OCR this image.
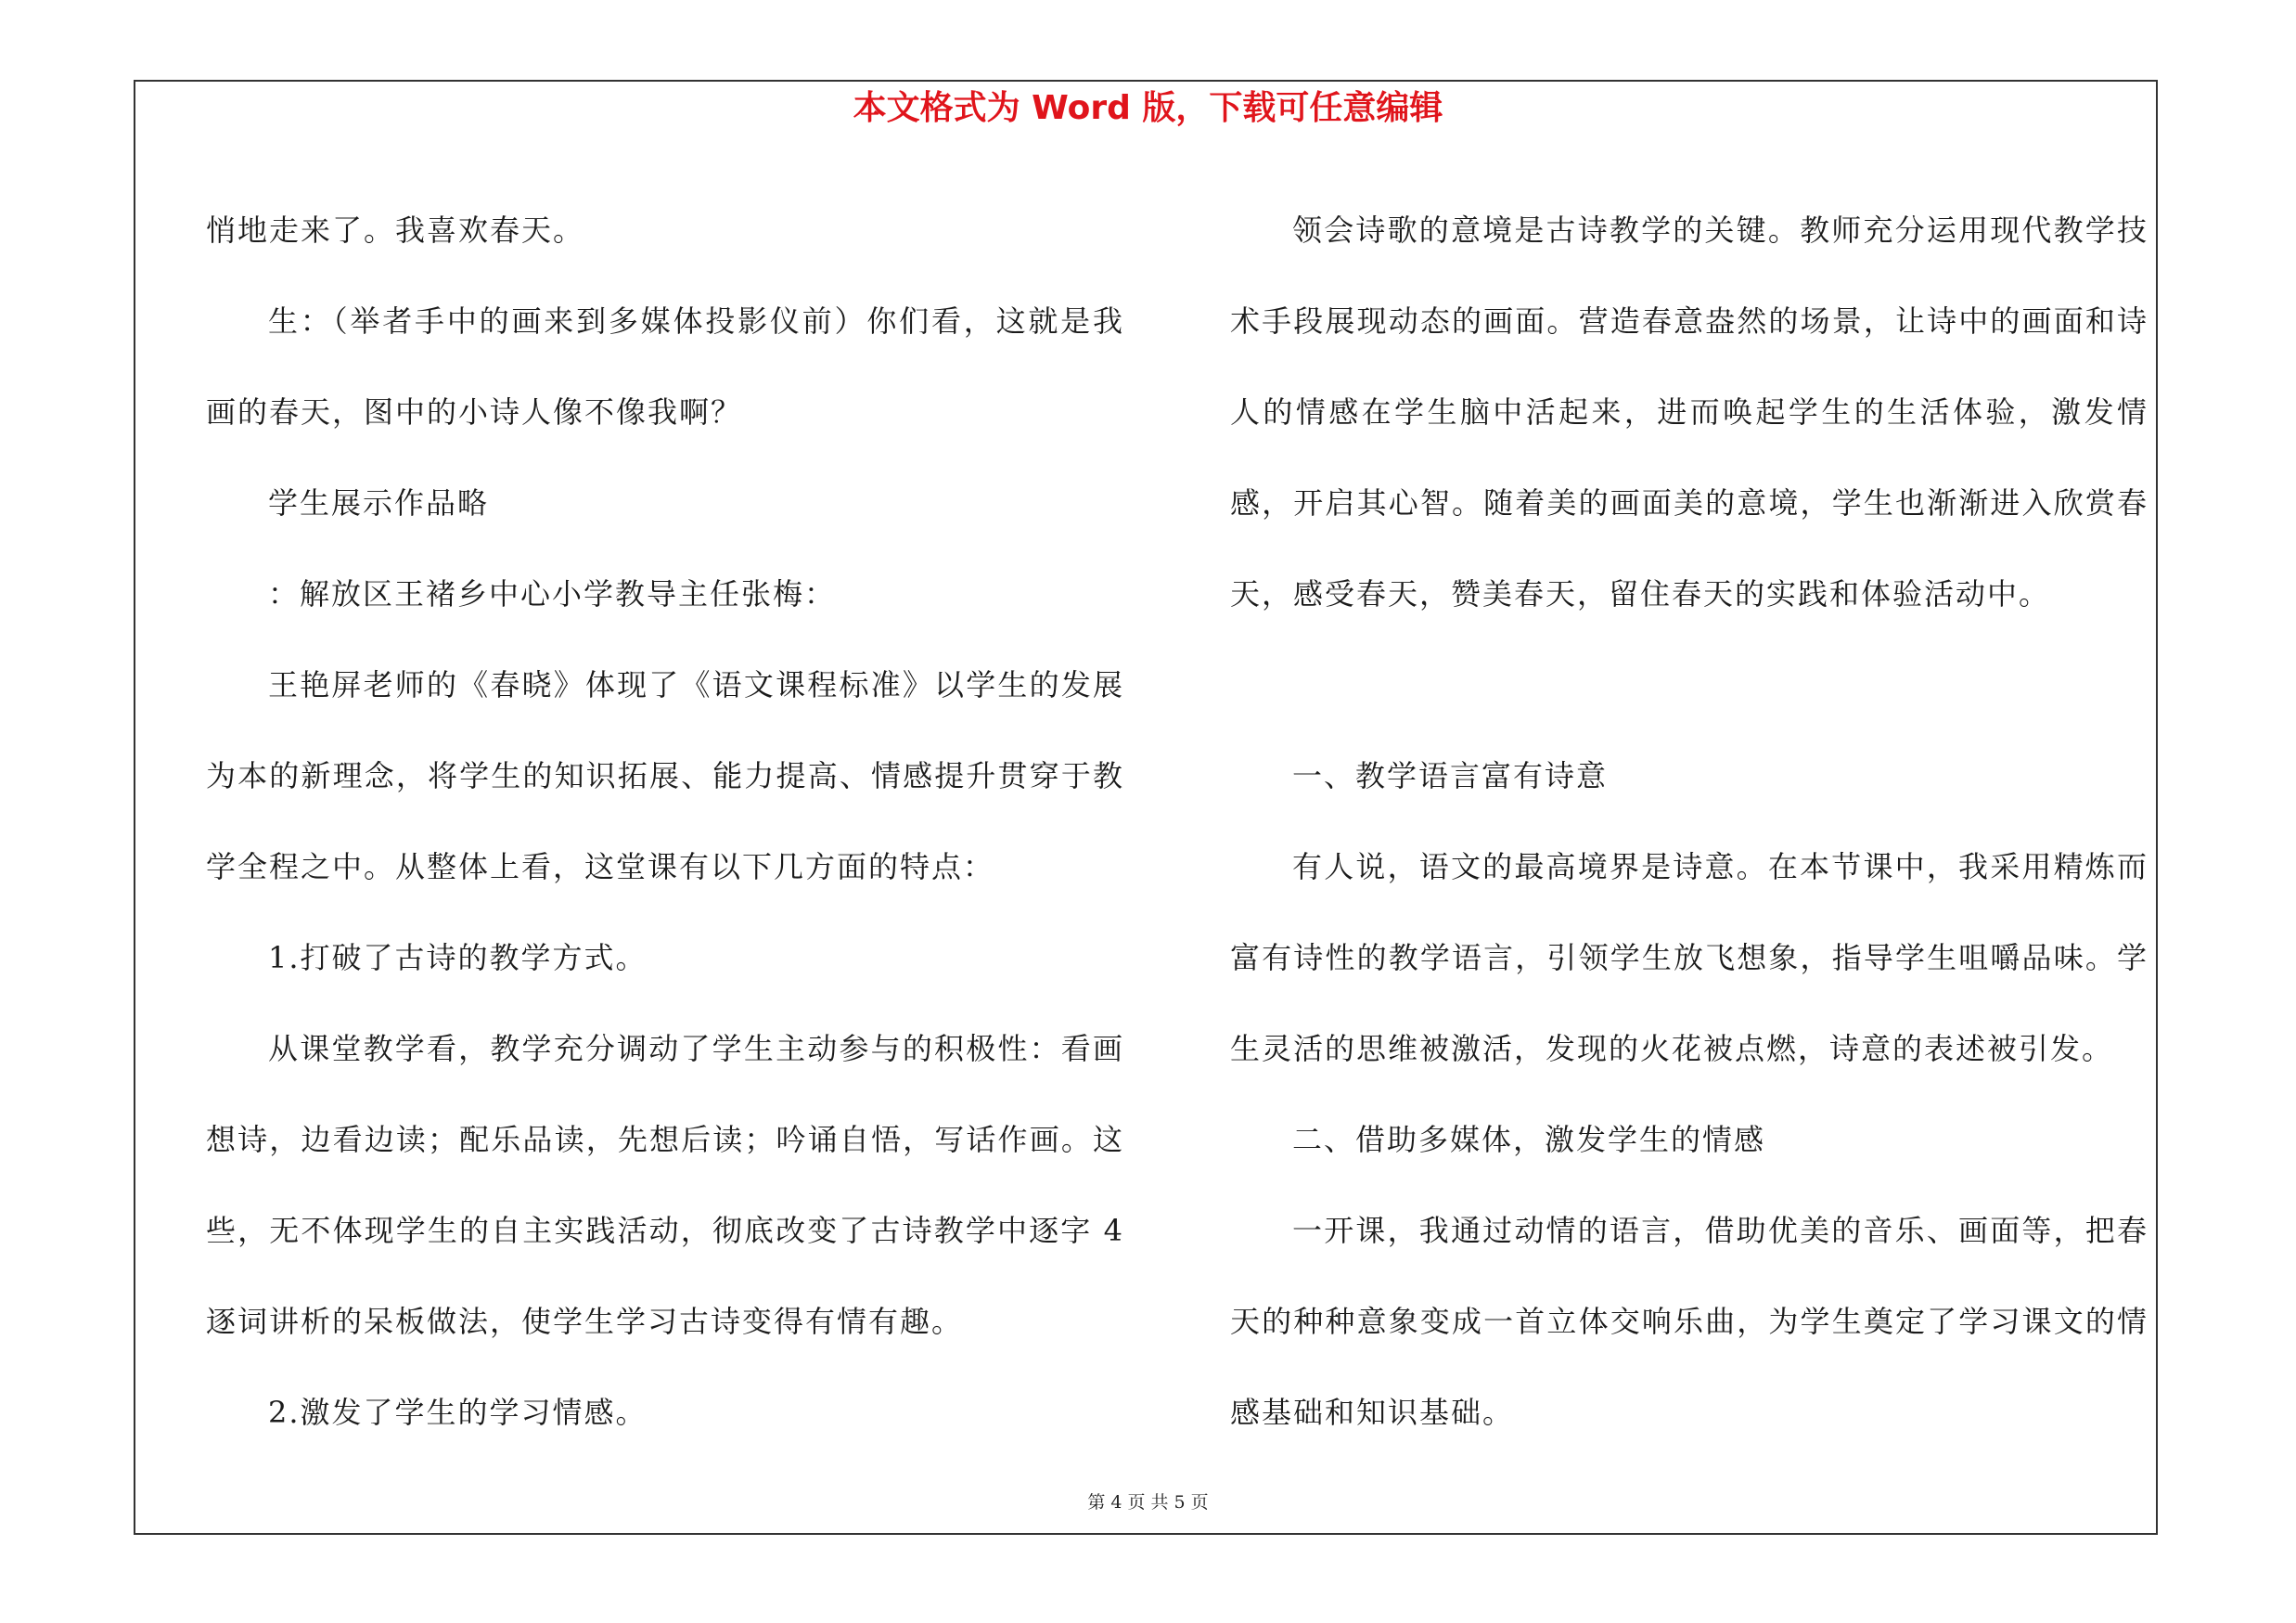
本文格式为 Word 版，下载可任意编辑

悄地走来了。我喜欢春天。

生：（举者手中的画来到多媒体投影仪前）你们看，这就是我画的春天，图中的小诗人像不像我啊？

学生展示作品略

：解放区王褚乡中心小学教导主任张梅：

王艳屏老师的《春晓》体现了《语文课程标准》以学生的发展为本的新理念，将学生的知识拓展、能力提高、情感提升贯穿于教学全程之中。从整体上看，这堂课有以下几方面的特点：

1.打破了古诗的教学方式。

从课堂教学看，教学充分调动了学生主动参与的积极性：看画想诗，边看边读；配乐品读，先想后读；吟诵自悟，写话作画。这些，无不体现学生的自主实践活动，彻底改变了古诗教学中逐字 4 逐词讲析的呆板做法，使学生学习古诗变得有情有趣。

2.激发了学生的学习情感。

领会诗歌的意境是古诗教学的关键。教师充分运用现代教学技术手段展现动态的画面。营造春意盎然的场景，让诗中的画面和诗人的情感在学生脑中活起来，进而唤起学生的生活体验，激发情感，开启其心智。随着美的画面美的意境，学生也渐渐进入欣赏春天，感受春天，赞美春天，留住春天的实践和体验活动中。

一、教学语言富有诗意

有人说，语文的最高境界是诗意。在本节课中，我采用精炼而富有诗性的教学语言，引领学生放飞想象，指导学生咀嚼品味。学生灵活的思维被激活，发现的火花被点燃，诗意的表述被引发。

二、借助多媒体，激发学生的情感

一开课，我通过动情的语言，借助优美的音乐、画面等，把春天的种种意象变成一首立体交响乐曲，为学生奠定了学习课文的情感基础和知识基础。

第 4 页 共 5 页
